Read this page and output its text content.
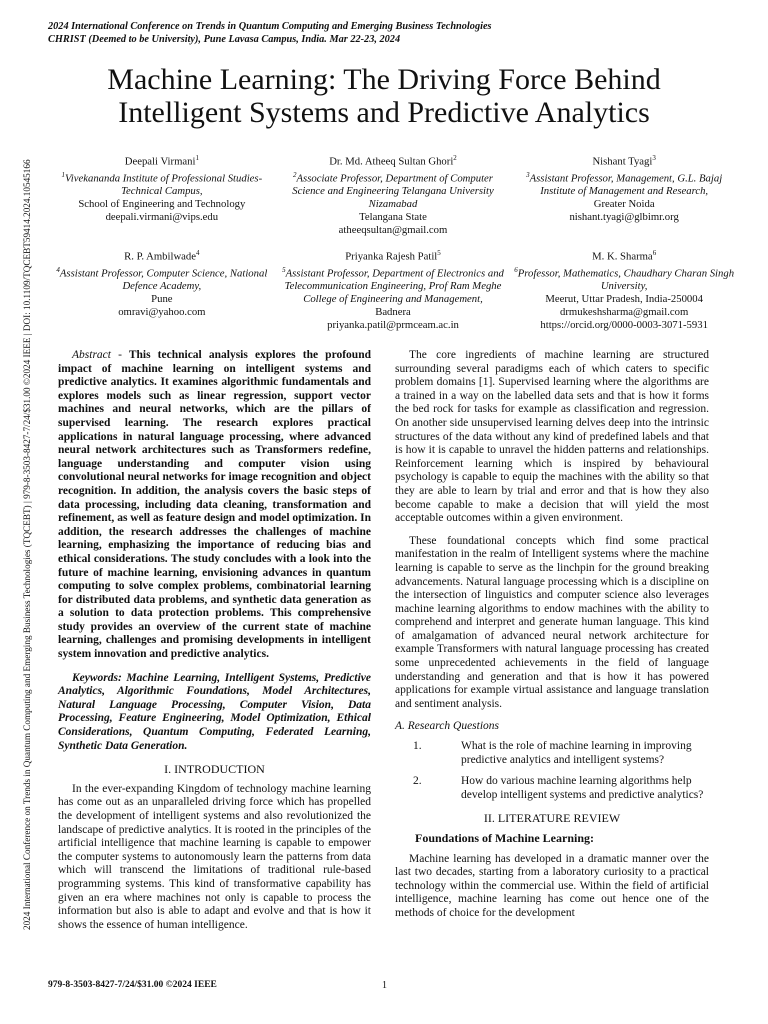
2024 International Conference on Trends in Quantum Computing and Emerging Business Technologies
CHRIST (Deemed to be University), Pune Lavasa Campus, India. Mar 22-23, 2024
2024 International Conference on Trends in Quantum Computing and Emerging Business Technologies (TQCEBT) | 979-8-3503-8427-7/24/$31.00 ©2024 IEEE | DOI: 10.1109/TQCEBT59414.2024.10545166
Machine Learning: The Driving Force Behind Intelligent Systems and Predictive Analytics
Deepali Virmani$^1$
$^1$Vivekananda Institute of Professional Studies-Technical Campus,
School of Engineering and Technology
deepali.virmani@vips.edu
Dr. Md. Atheeq Sultan Ghori$^2$
$^2$Associate Professor, Department of Computer Science and Engineering Telangana University Nizamabad
Telangana State
atheeqsultan@gmail.com
Nishant Tyagi$^3$
$^3$Assistant Professor, Management, G.L. Bajaj Institute of Management and Research,
Greater Noida
nishant.tyagi@glbimr.org
R. P. Ambilwade$^4$
$^4$Assistant Professor, Computer Science, National Defence Academy,
Pune
omravi@yahoo.com
Priyanka Rajesh Patil$^5$
$^5$Assistant Professor, Department of Electronics and Telecommunication Engineering, Prof Ram Meghe College of Engineering and Management,
Badnera
priyanka.patil@prmceam.ac.in
M. K. Sharma$^6$
$^6$Professor, Mathematics, Chaudhary Charan Singh University,
Meerut, Uttar Pradesh, India-250004
drmukeshsharma@gmail.com
https://orcid.org/0000-0003-3071-5931

Abstract - This technical analysis explores the profound impact of machine learning on intelligent systems and predictive analytics. It examines algorithmic fundamentals and explores models such as linear regression, support vector machines and neural networks, which are the pillars of supervised learning. The research explores practical applications in natural language processing, where advanced neural network architectures such as Transformers redefine, language understanding and computer vision using convolutional neural networks for image recognition and object recognition. In addition, the analysis covers the basic steps of data processing, including data cleaning, transformation and refinement, as well as feature design and model optimization. In addition, the research addresses the challenges of machine learning, emphasizing the importance of reducing bias and ethical considerations. The study concludes with a look into the future of machine learning, envisioning advances in quantum computing to solve complex problems, combinatorial learning for distributed data problems, and synthetic data generation as a solution to data protection problems. This comprehensive study provides an overview of the current state of machine learning, challenges and promising developments in intelligent system innovation and predictive analytics.

Keywords: Machine Learning, Intelligent Systems, Predictive Analytics, Algorithmic Foundations, Model Architectures, Natural Language Processing, Computer Vision, Data Processing, Feature Engineering, Model Optimization, Ethical Considerations, Quantum Computing, Federated Learning, Synthetic Data Generation.

I. INTRODUCTION

In the ever-expanding Kingdom of technology machine learning has come out as an unparalleled driving force which has propelled the development of intelligent systems and also revolutionized the landscape of predictive analytics. It is rooted in the principles of the artificial intelligence that machine learning is capable to empower the computer systems to autonomously learn the patterns from data which will transcend the limitations of traditional rule-based programming systems. This kind of transformative capability has given an era where machines not only is capable to process the information but also is able to adapt and evolve and that is how it shows the essence of human intelligence.

The core ingredients of machine learning are structured surrounding several paradigms each of which caters to specific problem domains [1]. Supervised learning where the algorithms are a trained in a way on the labelled data sets and that is how it forms the bed rock for tasks for example as classification and regression. On another side unsupervised learning delves deep into the intrinsic structures of the data without any kind of predefined labels and that is how it is capable to unravel the hidden patterns and relationships. Reinforcement learning which is inspired by behavioural psychology is capable to equip the machines with the ability so that they are able to learn by trial and error and that is how they also become capable to make a decision that will yield the most acceptable outcomes within a given environment.

These foundational concepts which find some practical manifestation in the realm of Intelligent systems where the machine learning is capable to serve as the linchpin for the ground breaking advancements. Natural language processing which is a discipline on the intersection of linguistics and computer science also leverages machine learning algorithms to endow machines with the ability to comprehend and interpret and generate human language. This kind of amalgamation of advanced neural network architecture for example Transformers with natural language processing has created some unprecedented achievements in the field of language understanding and generation and that is how it has powered applications for example virtual assistance and language translation and sentiment analysis.

A. Research Questions
1.	What is the role of machine learning in improving predictive analytics and intelligent systems?
2.	How do various machine learning algorithms help develop intelligent systems and predictive analytics?
II. LITERATURE REVIEW
Foundations of Machine Learning:

Machine learning has developed in a dramatic manner over the last two decades, starting from a laboratory curiosity to a practical technology within the commercial use. Within the field of artificial intelligence, machine learning has come out hence one of the methods of choice for the development

979-8-3503-8427-7/24/$31.00 ©2024 IEEE	1
